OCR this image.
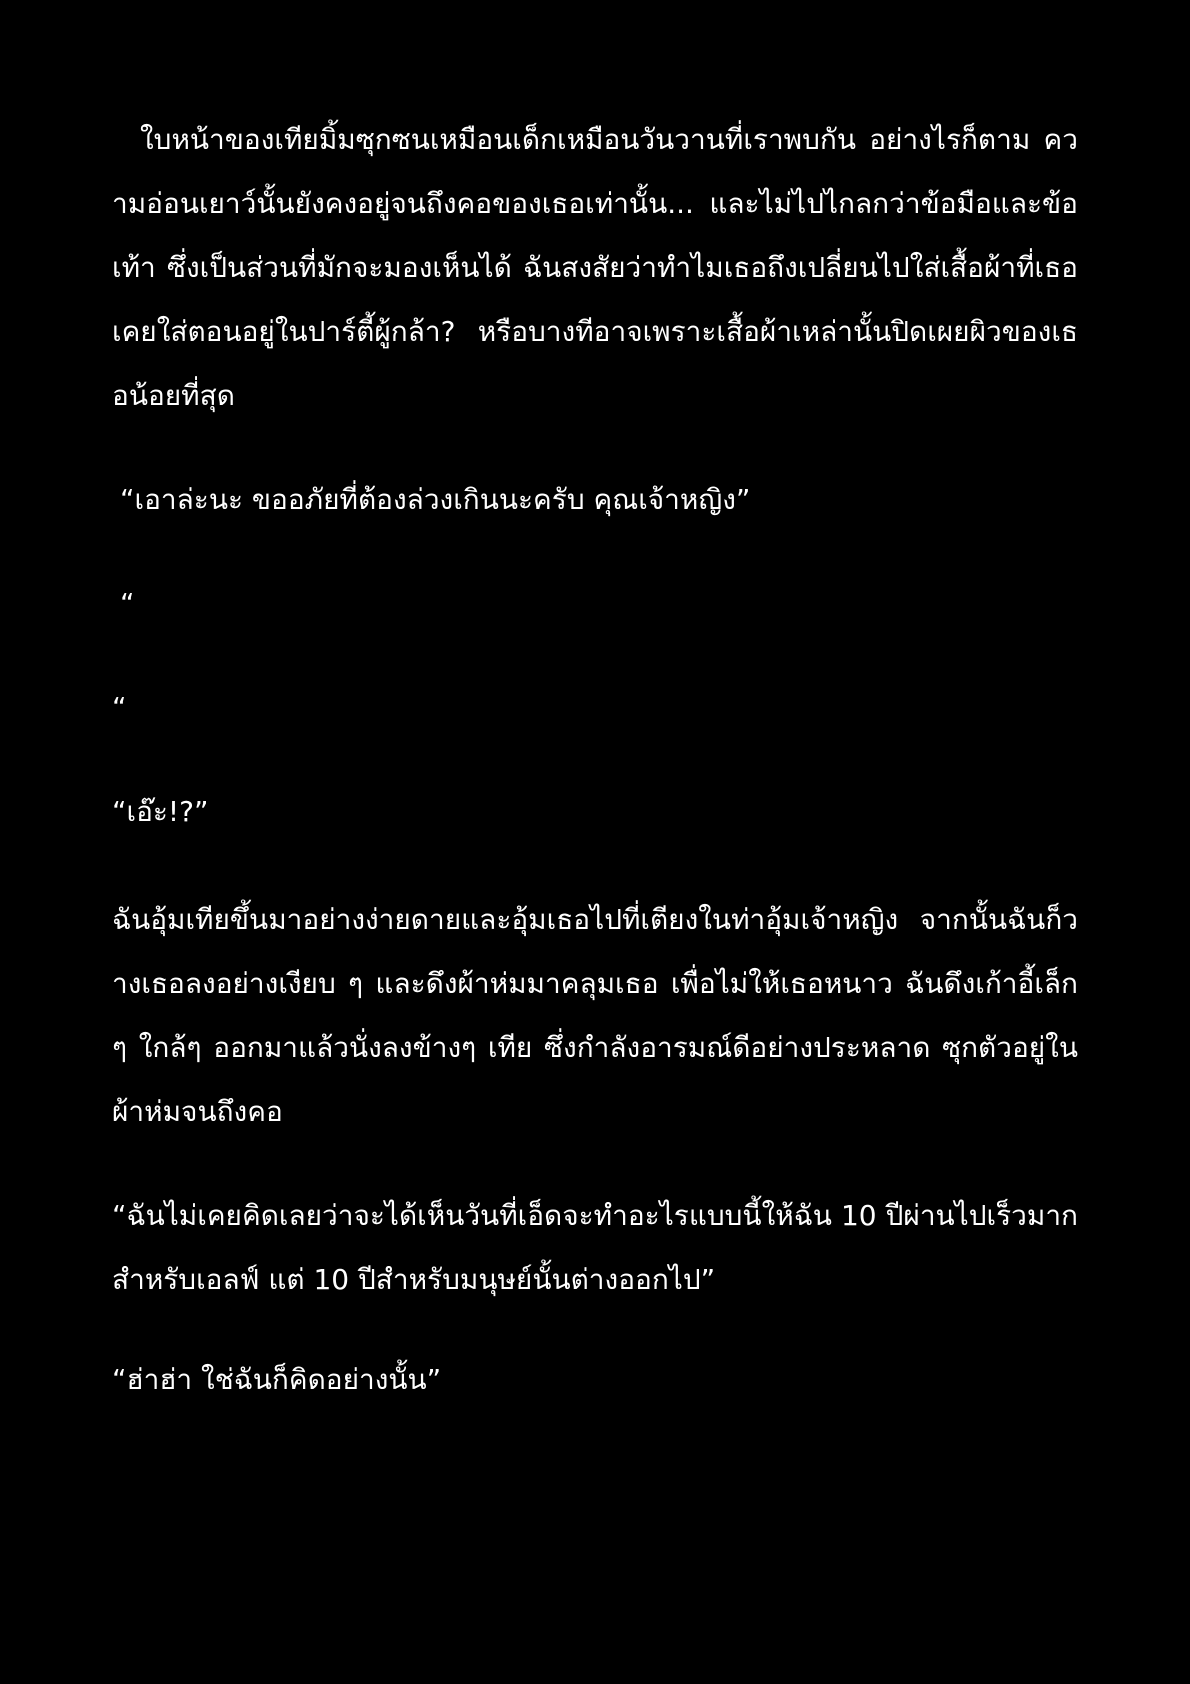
ใบหน้าของเทียมิ้มซุกซนเหมือนเด็กเหมือนวันวานที่เราพบกัน อย่างไรก็ตาม ความอ่อนเยาว์นั้นยังคงอยู่จนถึงคอของเธอเท่านั้น... และไม่ไปไกลกว่าข้อมือและข้อเท้า ซึ่งเป็นส่วนที่มักจะมองเห็นได้ ฉันสงสัยว่าทำไมเธอถึงเปลี่ยนไปใส่เสื้อผ้าที่เธอเคยใส่ตอนอยู่ในปาร์ตี้ผู้กล้า? หรือบางทีอาจเพราะเสื้อผ้าเหล่านั้นปิดเผยผิวของเธอน้อยที่สุด

“เอาล่ะนะ ขออภัยที่ต้องล่วงเกินนะครับ คุณเจ้าหญิง”

“

“

“เอ๊ะ!?”

ฉันอุ้มเทียขึ้นมาอย่างง่ายดายและอุ้มเธอไปที่เตียงในท่าอุ้มเจ้าหญิง จากนั้นฉันก็วางเธอลงอย่างเงียบ ๆ และดึงผ้าห่มมาคลุมเธอ เพื่อไม่ให้เธอหนาว ฉันดึงเก้าอี้เล็กๆ ใกล้ๆ ออกมาแล้วนั่งลงข้างๆ เทีย ซึ่งกำลังอารมณ์ดีอย่างประหลาด ซุกตัวอยู่ในผ้าห่มจนถึงคอ

“ฉันไม่เคยคิดเลยว่าจะได้เห็นวันที่เอ็ดจะทำอะไรแบบนี้ให้ฉัน 10 ปีผ่านไปเร็วมากสำหรับเอลฟ์ แต่ 10 ปีสำหรับมนุษย์นั้นต่างออกไป”

“ฮ่าฮ่า ใช่ฉันก็คิดอย่างนั้น”
